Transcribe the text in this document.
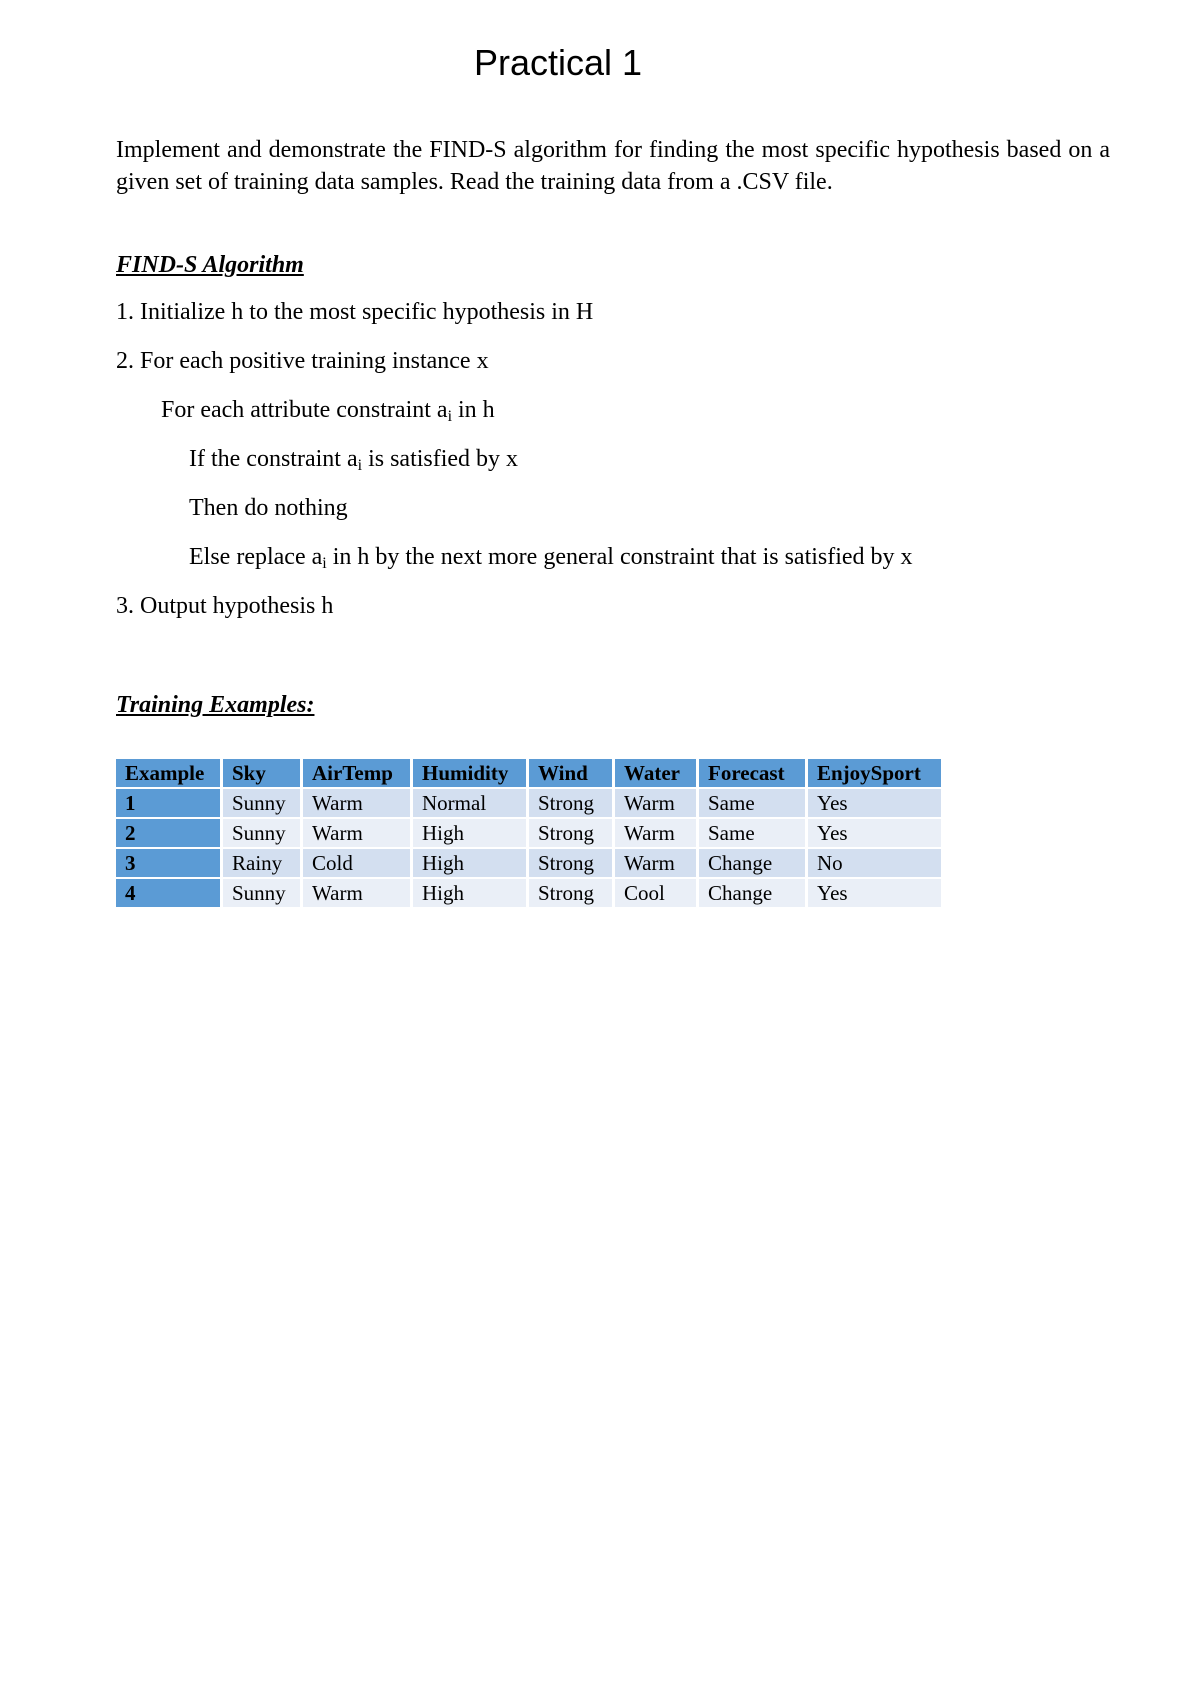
Practical 1
Implement and demonstrate the FIND-S algorithm for finding the most specific hypothesis based on a given set of training data samples. Read the training data from a .CSV file.
FIND-S Algorithm
1. Initialize h to the most specific hypothesis in H
2. For each positive training instance x
For each attribute constraint $a_i$ in h
If the constraint $a_i$ is satisfied by x
Then do nothing
Else replace $a_i$ in h by the next more general constraint that is satisfied by x
3. Output hypothesis h
Training Examples:
Example	Sky	AirTemp	Humidity	Wind	Water	Forecast	EnjoySport
1	Sunny	Warm	Normal	Strong	Warm	Same	Yes
2	Sunny	Warm	High	Strong	Warm	Same	Yes
3	Rainy	Cold	High	Strong	Warm	Change	No
4	Sunny	Warm	High	Strong	Cool	Change	Yes
